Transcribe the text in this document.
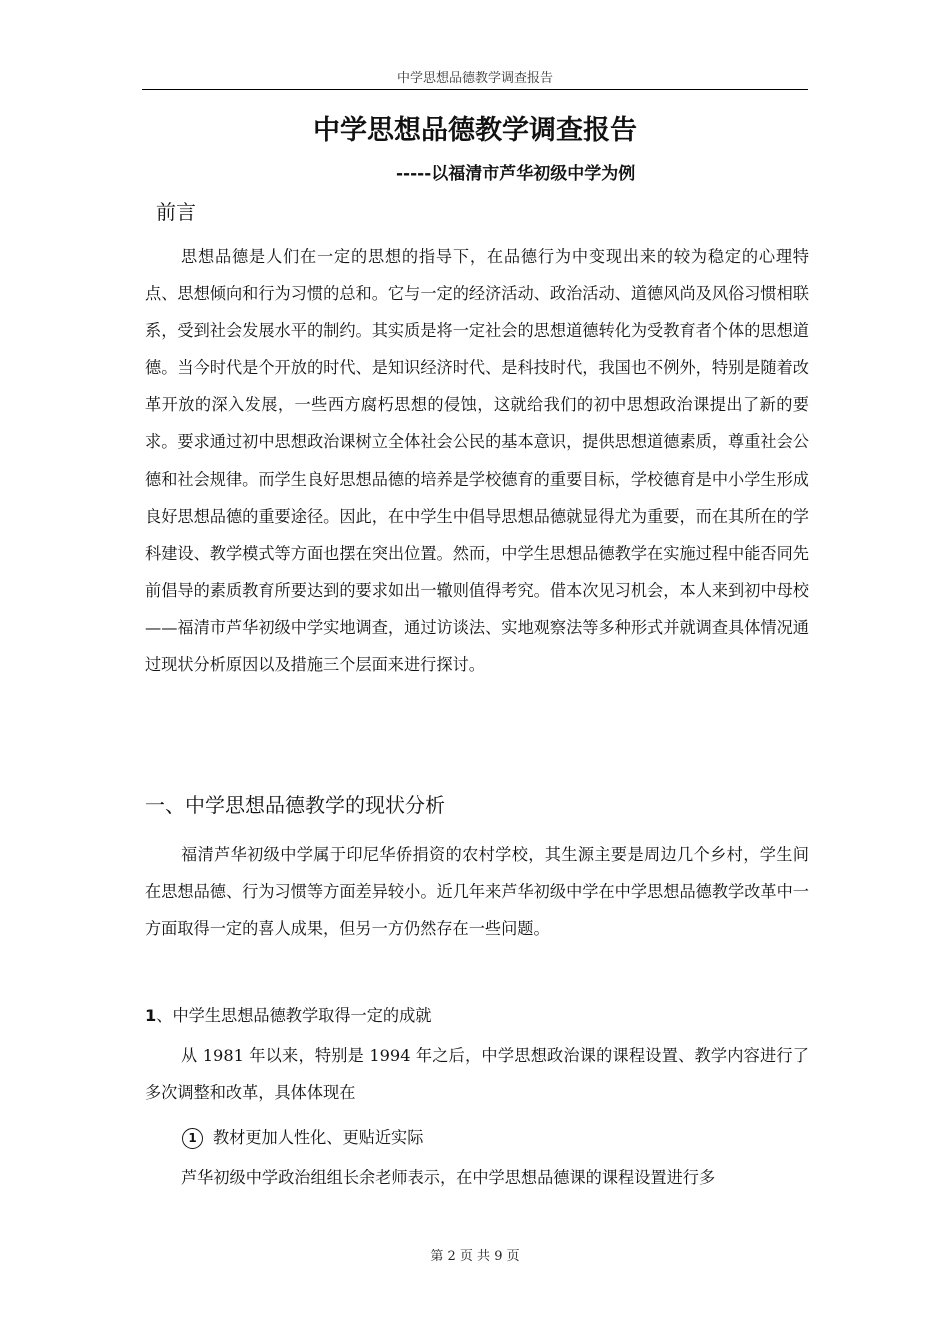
中学思想品德教学调查报告
中学思想品德教学调查报告
-----以福清市芦华初级中学为例
前言

思想品德是人们在一定的思想的指导下，在品德行为中变现出来的较为稳定的心理特点、思想倾向和行为习惯的总和。它与一定的经济活动、政治活动、道德风尚及风俗习惯相联系，受到社会发展水平的制约。其实质是将一定社会的思想道德转化为受教育者个体的思想道德。当今时代是个开放的时代、是知识经济时代、是科技时代，我国也不例外，特别是随着改革开放的深入发展，一些西方腐朽思想的侵蚀，这就给我们的初中思想政治课提出了新的要求。要求通过初中思想政治课树立全体社会公民的基本意识，提供思想道德素质，尊重社会公德和社会规律。而学生良好思想品德的培养是学校德育的重要目标，学校德育是中小学生形成良好思想品德的重要途径。因此，在中学生中倡导思想品德就显得尤为重要，而在其所在的学科建设、教学模式等方面也摆在突出位置。然而，中学生思想品德教学在实施过程中能否同先前倡导的素质教育所要达到的要求如出一辙则值得考究。借本次见习机会，本人来到初中母校——福清市芦华初级中学实地调查，通过访谈法、实地观察法等多种形式并就调查具体情况通过现状分析原因以及措施三个层面来进行探讨。

一、中学思想品德教学的现状分析

福清芦华初级中学属于印尼华侨捐资的农村学校，其生源主要是周边几个乡村，学生间在思想品德、行为习惯等方面差异较小。近几年来芦华初级中学在中学思想品德教学改革中一方面取得一定的喜人成果，但另一方仍然存在一些问题。

1、中学生思想品德教学取得一定的成就

从 1981 年以来，特别是 1994 年之后，中学思想政治课的课程设置、教学内容进行了多次调整和改革，具体体现在

1	教材更加人性化、更贴近实际

芦华初级中学政治组组长余老师表示，在中学思想品德课的课程设置进行多

第 2 页 共 9 页
